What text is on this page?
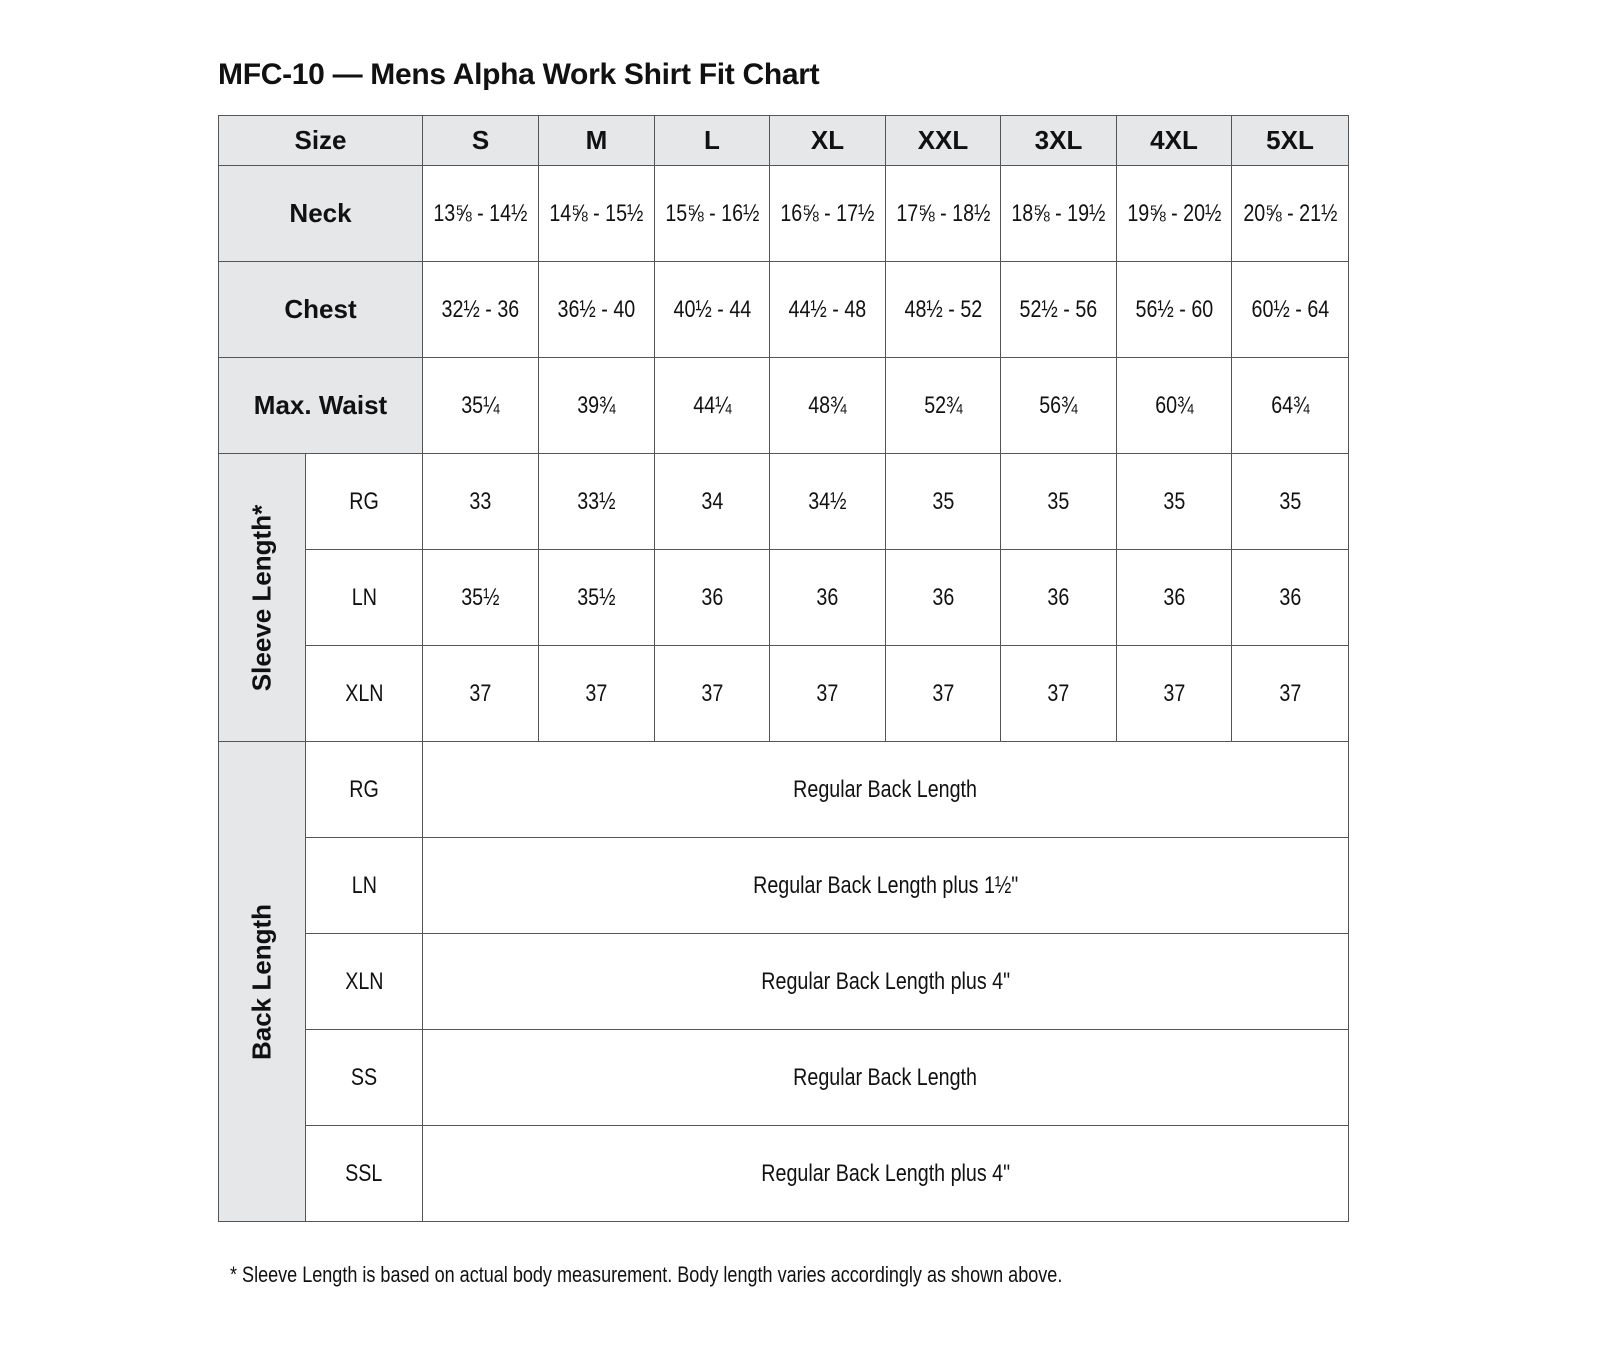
MFC-10 — Mens Alpha Work Shirt Fit Chart
Size		S	M	L	XL	XXL	3XL	4XL	5XL
Neck		13⅝ - 14½	14⅝ - 15½	15⅝ - 16½	16⅝ - 17½	17⅝ - 18½	18⅝ - 19½	19⅝ - 20½	20⅝ - 21½
Chest		32½ - 36	36½ - 40	40½ - 44	44½ - 48	48½ - 52	52½ - 56	56½ - 60	60½ - 64
Max. Waist		35¼	39¾	44¼	48¾	52¾	56¾	60¾	64¾

Sleeve Length*	RG	33	33½	34	34½	35	35	35	35
	LN	35½	35½	36	36	36	36	36	36
	XLN	37	37	37	37	37	37	37	37

Back Length	RG	Regular Back Length							
	LN	Regular Back Length plus 1½"							
	XLN	Regular Back Length plus 4"							
	SS	Regular Back Length							
	SSL	Regular Back Length plus 4"							
* Sleeve Length is based on actual body measurement. Body length varies accordingly as shown above.
